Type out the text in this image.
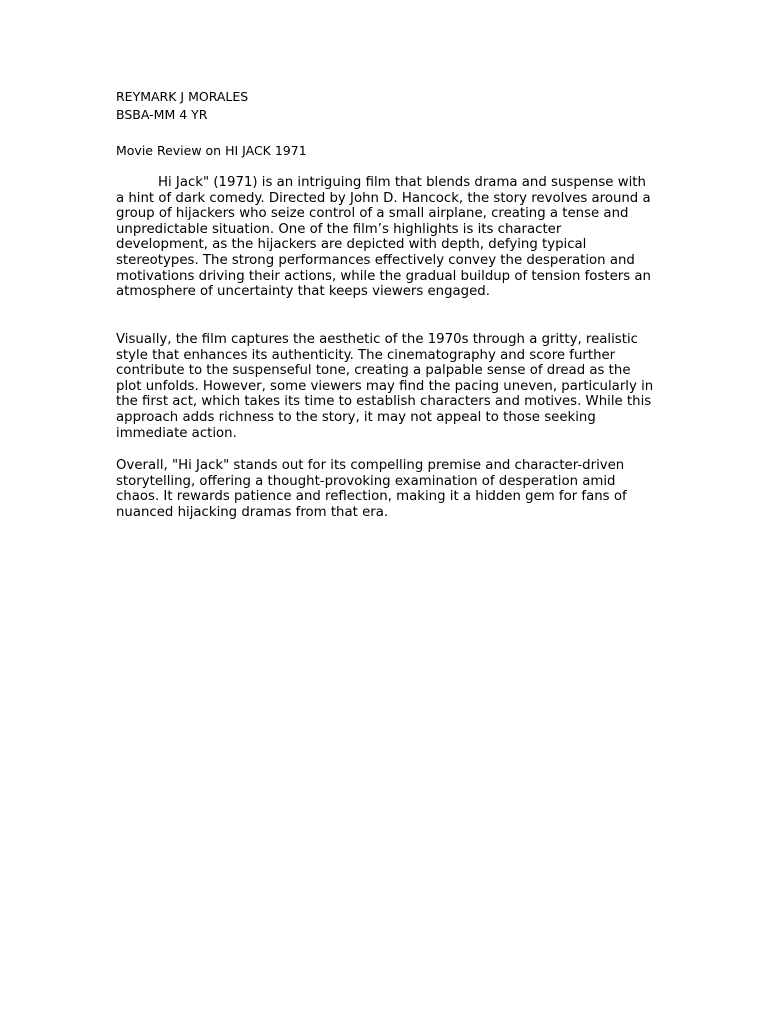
REYMARK J MORALES
BSBA-MM 4 YR
Movie Review on HI JACK 1971

Hi Jack" (1971) is an intriguing film that blends drama and suspense with a hint of dark comedy. Directed by John D. Hancock, the story revolves around a group of hijackers who seize control of a small airplane, creating a tense and unpredictable situation. One of the film’s highlights is its character development, as the hijackers are depicted with depth, defying typical stereotypes. The strong performances effectively convey the desperation and motivations driving their actions, while the gradual buildup of tension fosters an atmosphere of uncertainty that keeps viewers engaged.

Visually, the film captures the aesthetic of the 1970s through a gritty, realistic style that enhances its authenticity. The cinematography and score further contribute to the suspenseful tone, creating a palpable sense of dread as the plot unfolds. However, some viewers may find the pacing uneven, particularly in the first act, which takes its time to establish characters and motives. While this approach adds richness to the story, it may not appeal to those seeking immediate action.

Overall, "Hi Jack" stands out for its compelling premise and character-driven storytelling, offering a thought-provoking examination of desperation amid chaos. It rewards patience and reflection, making it a hidden gem for fans of nuanced hijacking dramas from that era.
